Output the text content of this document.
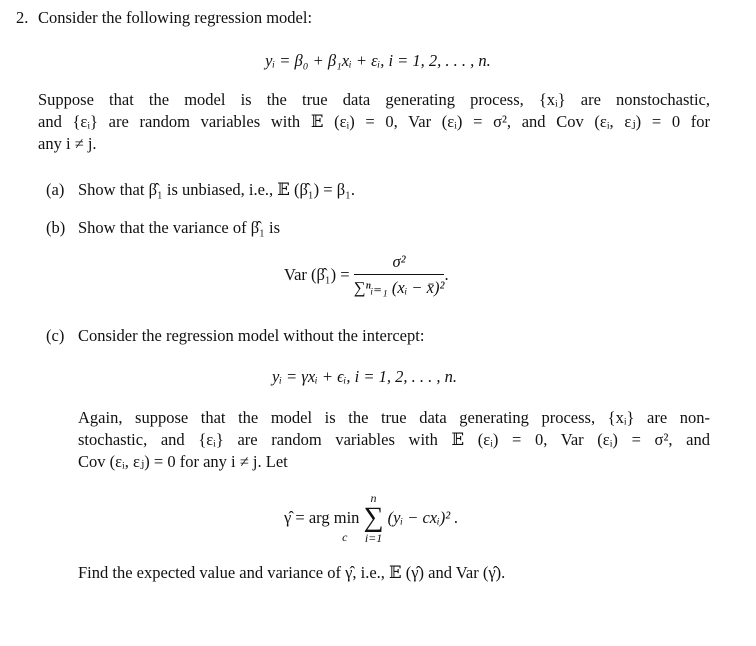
2. Consider the following regression model:
yᵢ = β₀ + β₁xᵢ + εᵢ, i = 1, 2, . . . , n.
Suppose that the model is the true data generating process, {xᵢ} are nonstochastic,
and {εᵢ} are random variables with 𝔼 (εᵢ) = 0, Var (εᵢ) = σ², and Cov (εᵢ, εⱼ) = 0 for
any i ≠ j.
(a) Show that β̂₁ is unbiased, i.e., 𝔼 (β̂₁) = β₁.
(b) Show that the variance of β̂₁ is
Var (β̂₁) = $\frac{\text{σ²}}{\text{∑ⁿᵢ₌₁ (xᵢ − x̄)²}}$ .
(c) Consider the regression model without the intercept:
yᵢ = γxᵢ + ϵᵢ, i = 1, 2, . . . , n.
Again, suppose that the model is the true data generating process, {xᵢ} are non-
stochastic, and {εᵢ} are random variables with 𝔼 (εᵢ) = 0, Var (εᵢ) = σ², and
Cov (εᵢ, εⱼ) = 0 for any i ≠ j. Let
γ̂ = arg min
c
n
∑
i=1 (yᵢ − cxᵢ)² .
Find the expected value and variance of γ̂, i.e., 𝔼 (γ̂) and Var (γ̂).
